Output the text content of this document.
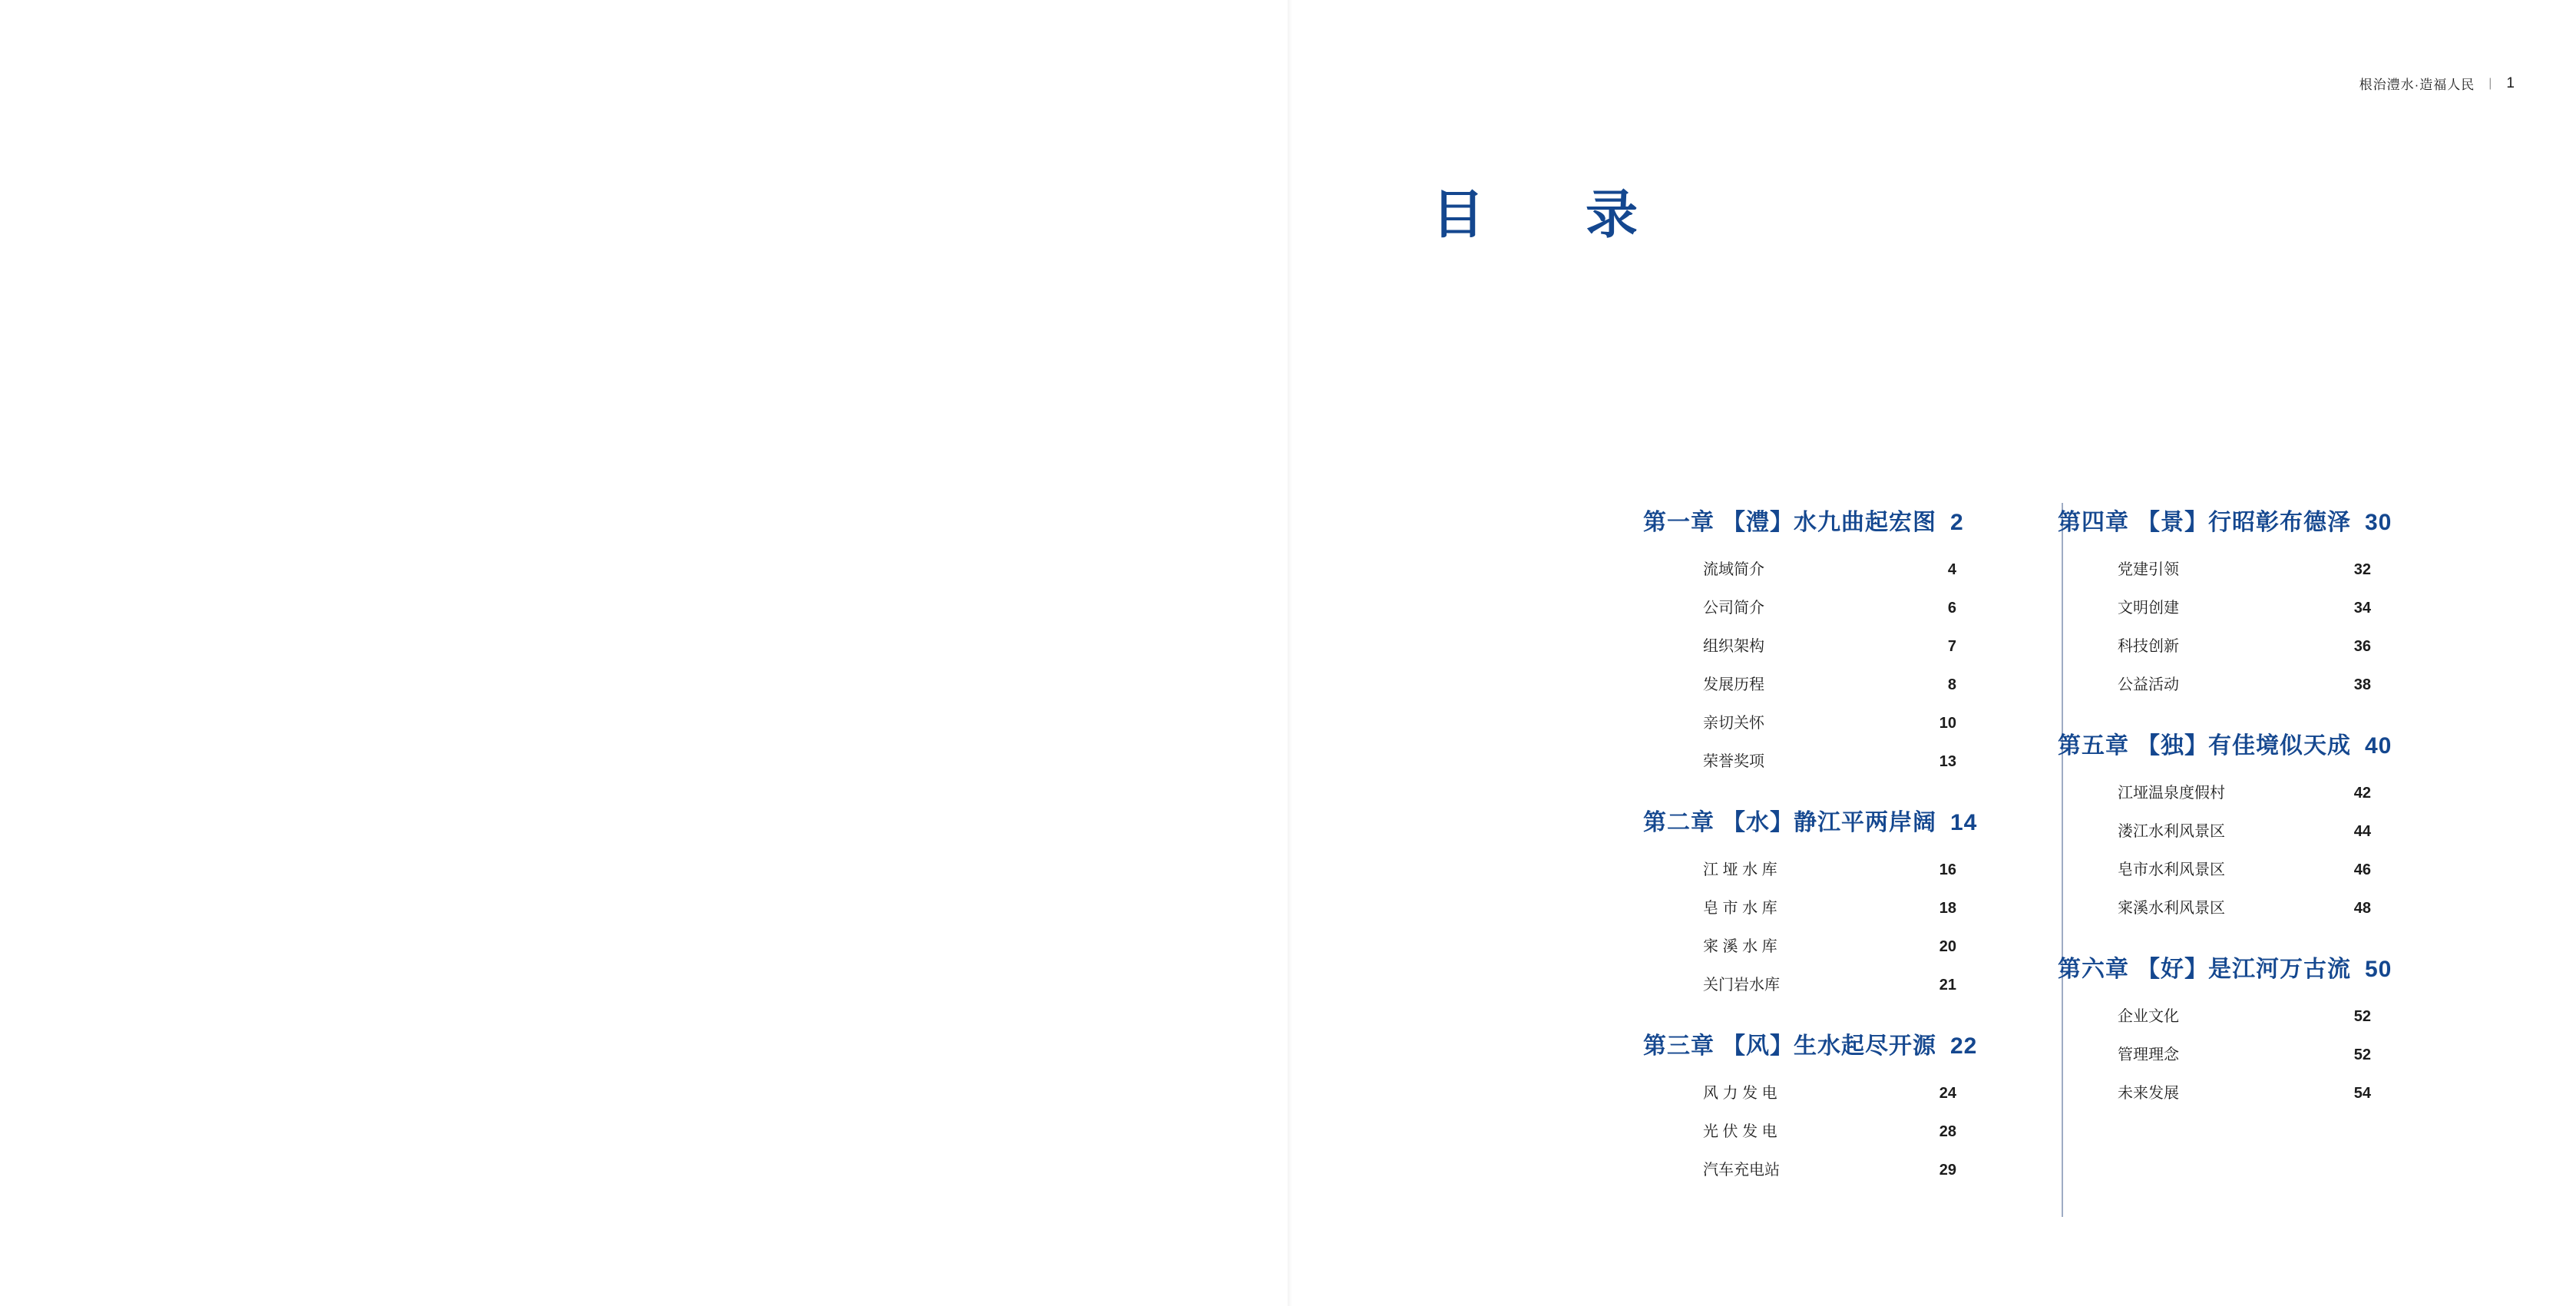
根治澧水·造福人民 | 1
目　录
第一章 【澧】水九曲起宏图 2
流域简介	4
公司简介	6
组织架构	7
发展历程	8
亲切关怀	10
荣誉奖项	13
第二章 【水】静江平两岸阔 14
江 垭 水 库	16
皂 市 水 库	18
宷 溪 水 库	20
关门岩水库	21
第三章 【风】生水起尽开源 22
风 力 发 电	24
光 伏 发 电	28
汽车充电站	29
第四章 【景】行昭彰布德泽 30
党建引领	32
文明创建	34
科技创新	36
公益活动	38
第五章 【独】有佳境似天成 40
江垭温泉度假村	42
溇江水利风景区	44
皂市水利风景区	46
宷溪水利风景区	48
第六章 【好】是江河万古流 50
企业文化	52
管理理念	52
未来发展	54
